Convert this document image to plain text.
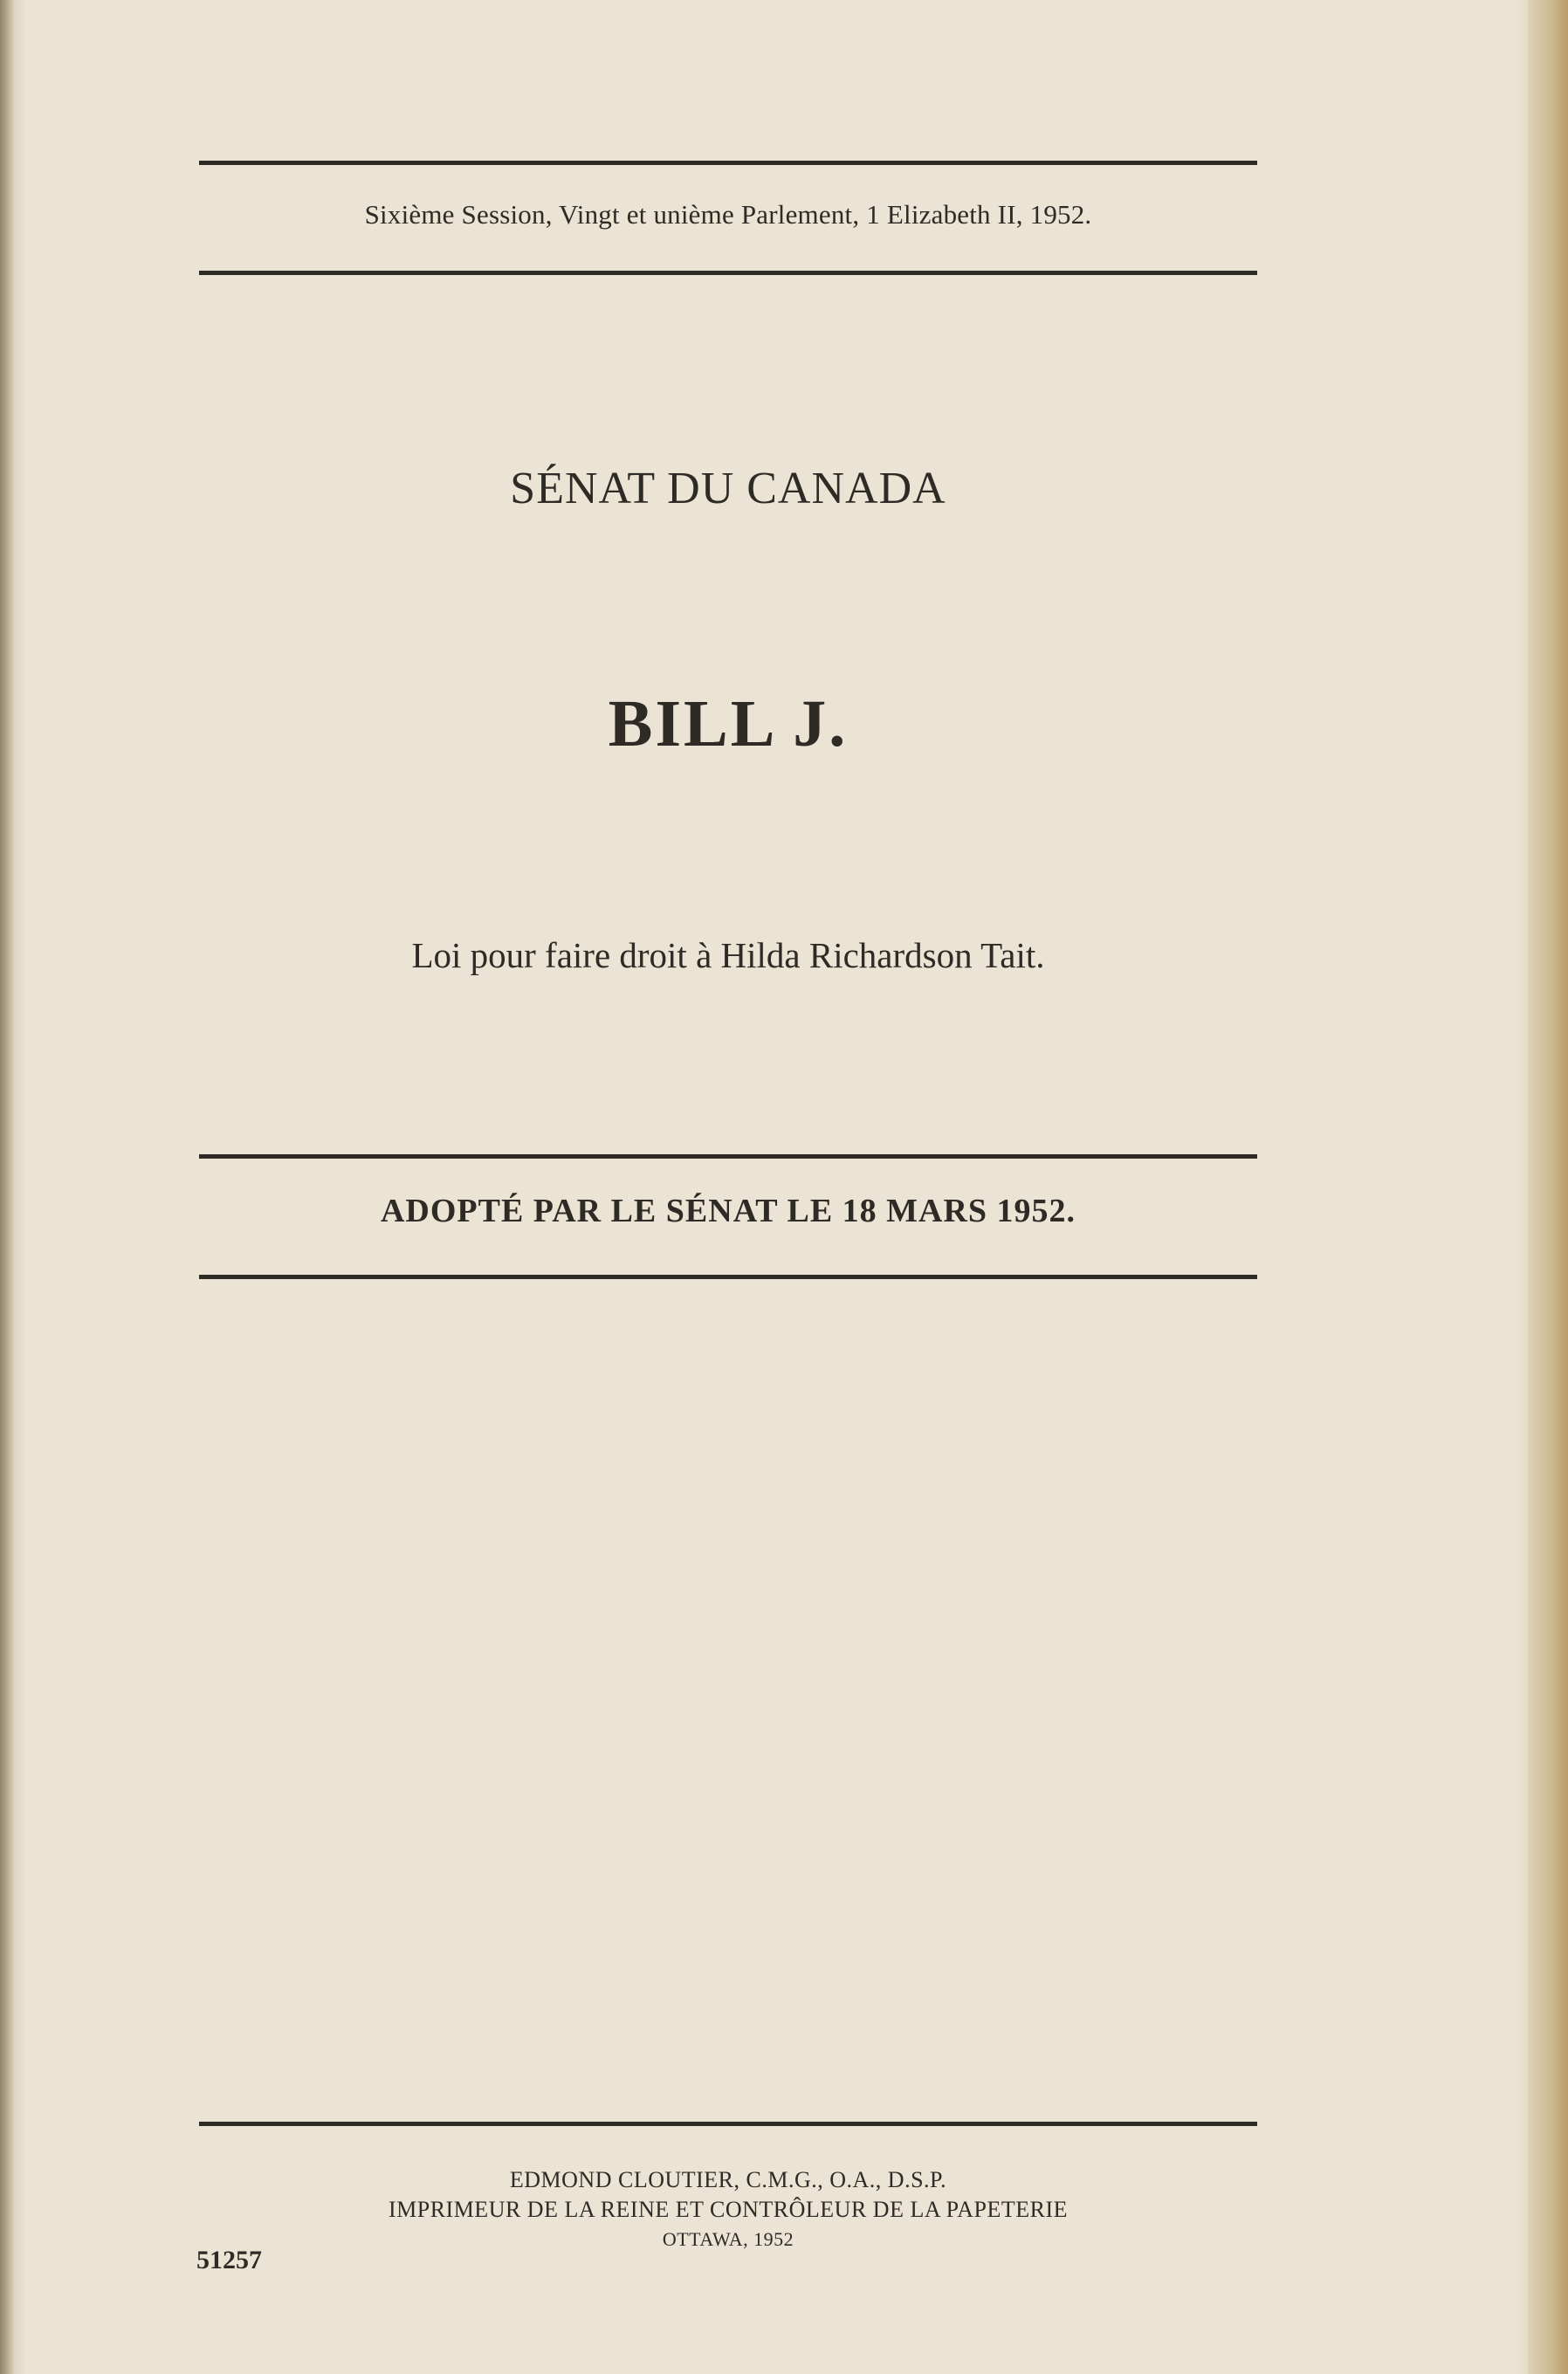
Sixième Session, Vingt et unième Parlement, 1 Elizabeth II, 1952.
SÉNAT DU CANADA
BILL J.
Loi pour faire droit à Hilda Richardson Tait.
ADOPTÉ PAR LE SÉNAT LE 18 MARS 1952.
EDMOND CLOUTIER, C.M.G., O.A., D.S.P.
IMPRIMEUR DE LA REINE ET CONTRÔLEUR DE LA PAPETERIE
OTTAWA, 1952
51257
